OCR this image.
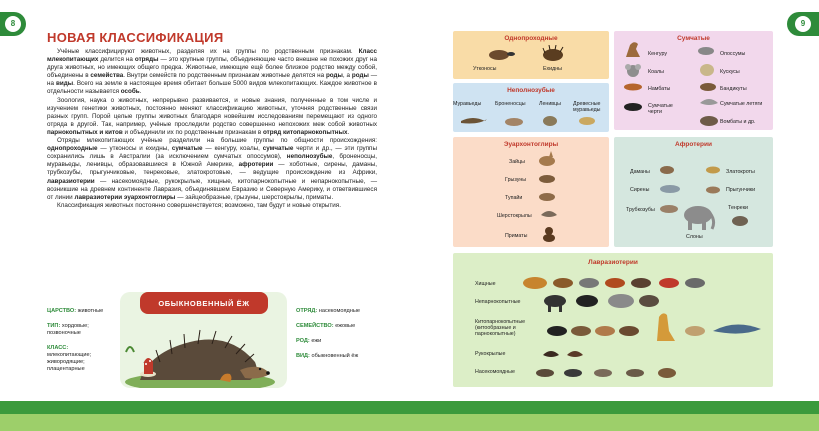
8	9
НОВАЯ КЛАССИФИКАЦИЯ

Учёные классифицируют животных, разделяя их на группы по родственным признакам. Класс млекопитающих делится на отряды — это крупные группы, объединяющие часто внешне не похожих друг на друга животных, но имеющих общего предка. Животные, имеющие ещё более близкое родство между собой, объединены в семейства. Внутри семейств по родственным признакам животные делятся на роды, а роды — на виды. Всего на земле в настоящее время обитает больше 5000 видов млекопитающих. Каждое животное в отдельности называется особь.

Зоология, наука о животных, непрерывно развивается, и новые знания, полученные в том числе и изучением генетики животных, постоянно меняют классификацию животных, уточняя родственные связи разных групп. Порой целые группы животных благодаря новейшим исследованиям перемещают из одного отряда в другой. Так, например, учёные проследили родство совершенно непохожих меж собой животных парнокопытных и китов и объединили их по родственным признакам в отряд китопарнокопытных.

Отряды млекопитающих учёные разделили на большие группы по общности происхождения: однопроходные — утконосы и ехидны, сумчатые — кенгуру, коалы, сумчатые черти и др., — эти группы сохранились лишь в Австралии (за исключением сумчатых опоссумов), неполнозубые, броненосцы, муравьеды, ленивцы, образовавшиеся в Южной Америке, афротерии — хоботные, сирены, даманы, трубкозубы, прыгунчиковые, тенрековые, златокротовые, — ведущие происхождение из Африки, лавразиотерии — насекомоядные, рукокрылые, хищные, китопарнокопытные и непарнокопытные, — возникшие на древнем континенте Лавразия, объединявшем Евразию и Северную Америку, и ответвившиеся от линии лавразиотерии эуархонтоглиры — зайцеобразные, грызуны, шерстокрылы, приматы.

Классификация животных постоянно совершенствуется; возможно, там будут и новые открытия.

ЦАРСТВО: животные
ТИП: хордовые; позвоночные
КЛАСС:
млекопитающие; живородящие; плацентарные
ОБЫКНОВЕННЫЙ ЁЖ
ОТРЯД: насекомоядные
СЕМЕЙСТВО: ежовые
РОД: ежи
ВИД: обыкновенный ёж
Однопроходные
Утконосы	Ехидны
Сумчатые
Кенгуру	Опоссумы
Коалы	Кускусы
Намбаты	Бандикуты
Сумчатые черти
Сумчатые летяги
Вомбаты и др.
Неполнозубые
Муравьеды	Броненосцы	Ленивцы Древесные муравьеды
Эуархонтоглиры
Зайцы
Грызуны
Тупайи
Шерстокрылы
Приматы
Афротерии
Даманы	Златокроты
Сирены	Прыгунчики
Трубкозубы	Тенреки
Слоны
Лавразиотерии
Хищные
Непарнокопытные
Китопарнокопытные (китообразные и парнокопытные)
Рукокрылые
Насекомоядные
